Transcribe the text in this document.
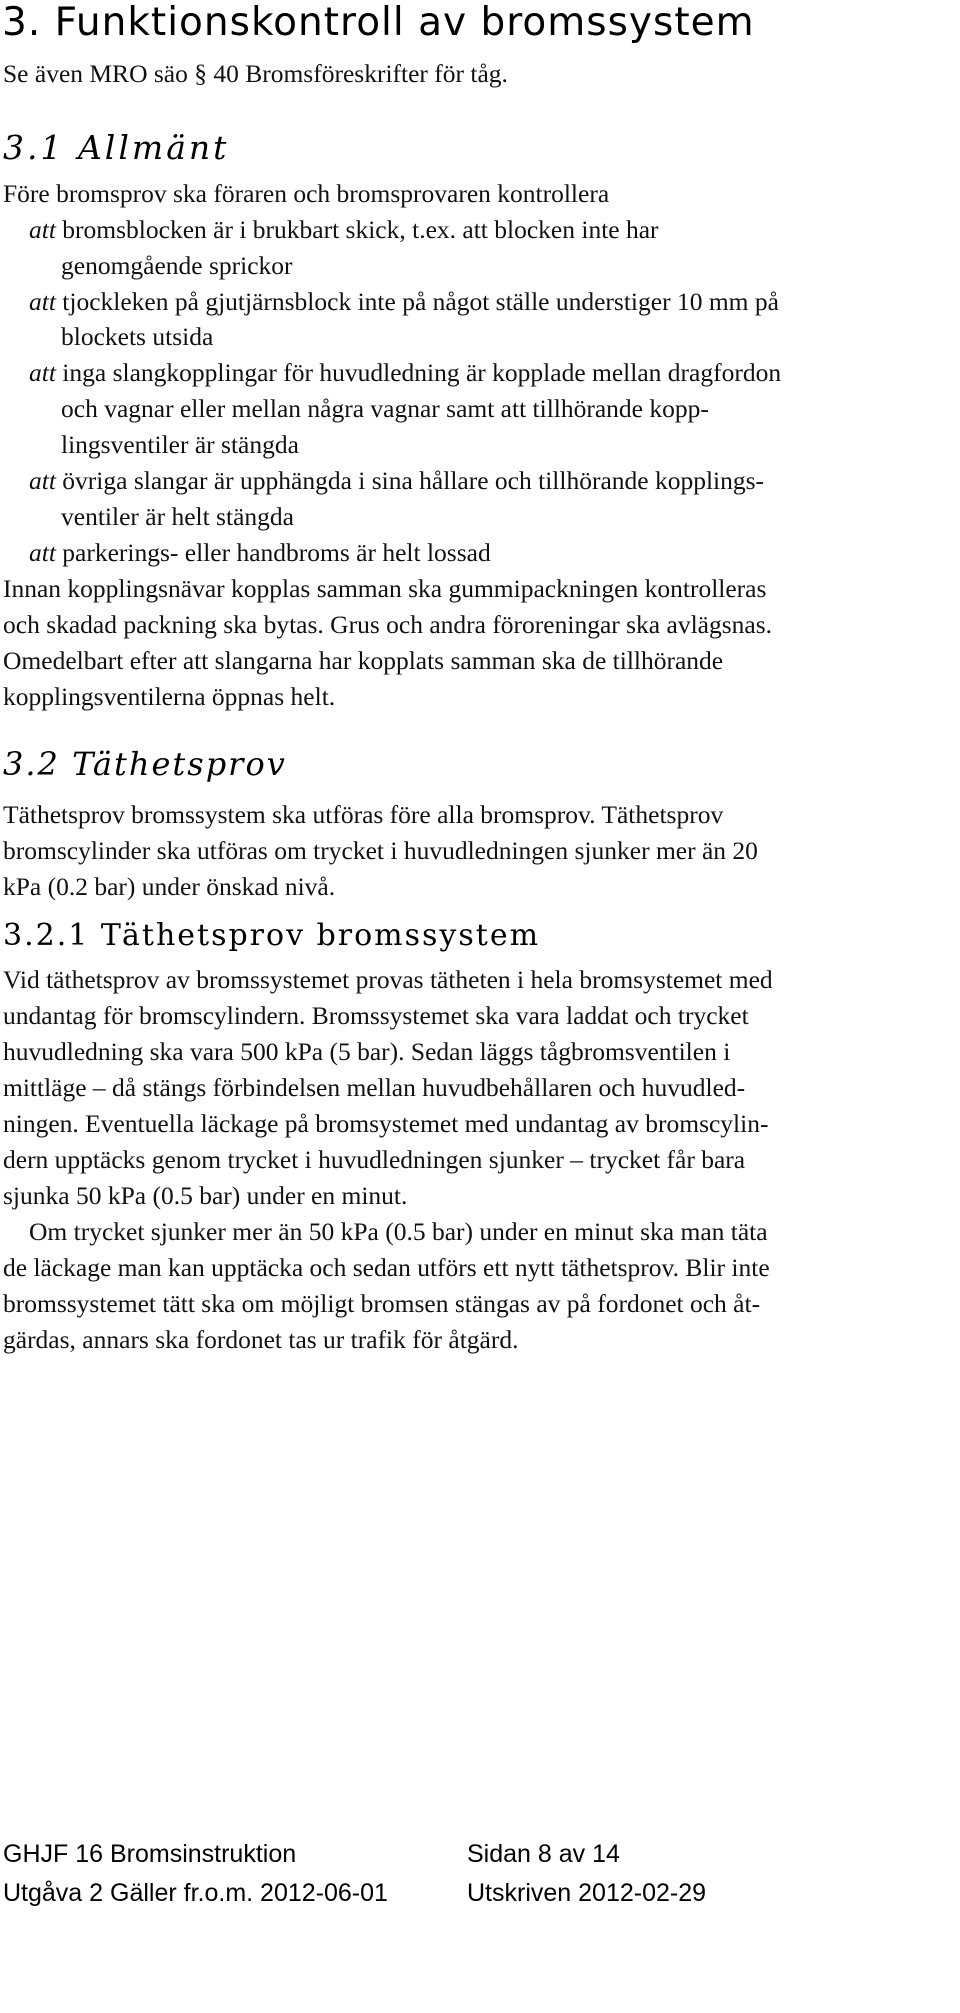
3. Funktionskontroll av bromssystem
Se även MRO säo § 40 Bromsföreskrifter för tåg.
3.1 Allmänt
Före bromsprov ska föraren och bromsprovaren kontrollera
att bromsblocken är i brukbart skick, t.ex. att blocken inte har
genomgående sprickor
att tjockleken på gjutjärnsblock inte på något ställe understiger 10 mm på
blockets utsida
att inga slangkopplingar för huvudledning är kopplade mellan dragfordon
och vagnar eller mellan några vagnar samt att tillhörande kopp-
lingsventiler är stängda
att övriga slangar är upphängda i sina hållare och tillhörande kopplings-
ventiler är helt stängda
att parkerings- eller handbroms är helt lossad
Innan kopplingsnävar kopplas samman ska gummipackningen kontrolleras
och skadad packning ska bytas. Grus och andra föroreningar ska avlägsnas.
Omedelbart efter att slangarna har kopplats samman ska de tillhörande
kopplingsventilerna öppnas helt.
3.2 Täthetsprov
Täthetsprov bromssystem ska utföras före alla bromsprov. Täthetsprov
bromscylinder ska utföras om trycket i huvudledningen sjunker mer än 20
kPa (0.2 bar) under önskad nivå.
3.2.1 Täthetsprov bromssystem
Vid täthetsprov av bromssystemet provas tätheten i hela bromsystemet med
undantag för bromscylindern. Bromssystemet ska vara laddat och trycket
huvudledning ska vara 500 kPa (5 bar). Sedan läggs tågbromsventilen i
mittläge – då stängs förbindelsen mellan huvudbehållaren och huvudled-
ningen. Eventuella läckage på bromsystemet med undantag av bromscylin-
dern upptäcks genom trycket i huvudledningen sjunker – trycket får bara
sjunka 50 kPa (0.5 bar) under en minut.
Om trycket sjunker mer än 50 kPa (0.5 bar) under en minut ska man täta
de läckage man kan upptäcka och sedan utförs ett nytt täthetsprov. Blir inte
bromssystemet tätt ska om möjligt bromsen stängas av på fordonet och åt-
gärdas, annars ska fordonet tas ur trafik för åtgärd.
GHJF 16 Bromsinstruktion	Sidan 8 av 14
Utgåva 2 Gäller fr.o.m. 2012-06-01	Utskriven 2012-02-29
